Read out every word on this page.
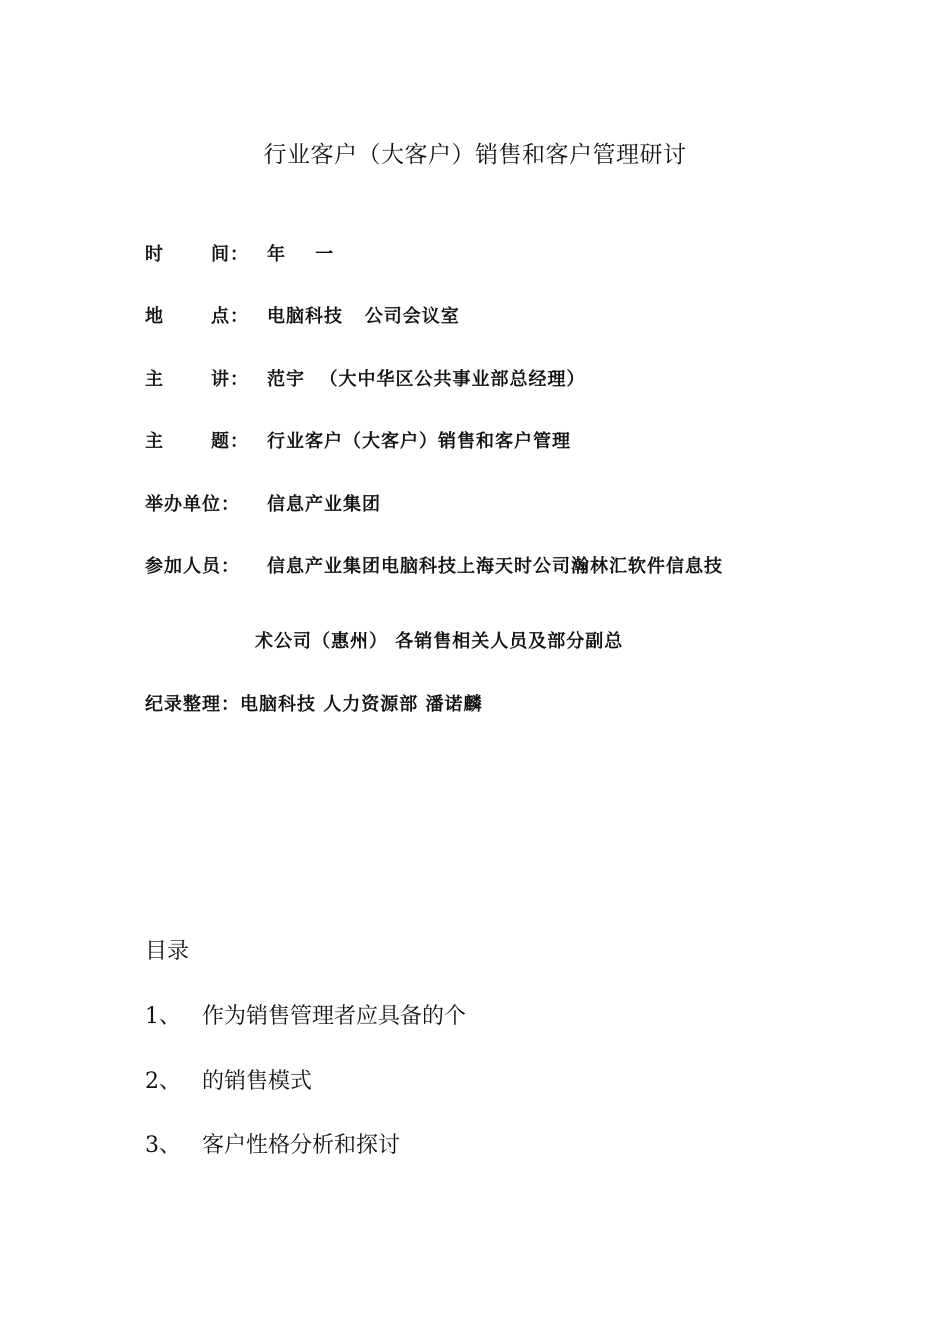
行业客户（大客户）销售和客户管理研讨
时	间： 年    一
地	点： 电脑科技   公司会议室
主	讲： 范宇  （大中华区公共事业部总经理）
主	题： 行业客户（大客户）销售和客户管理
举办单位： 信息产业集团
参加人员： 信息产业集团电脑科技上海天时公司瀚林汇软件信息技
术公司（惠州） 各销售相关人员及部分副总
纪录整理：电脑科技 人力资源部 潘诺麟
目录
1、 作为销售管理者应具备的个
2、 的销售模式
3、 客户性格分析和探讨
